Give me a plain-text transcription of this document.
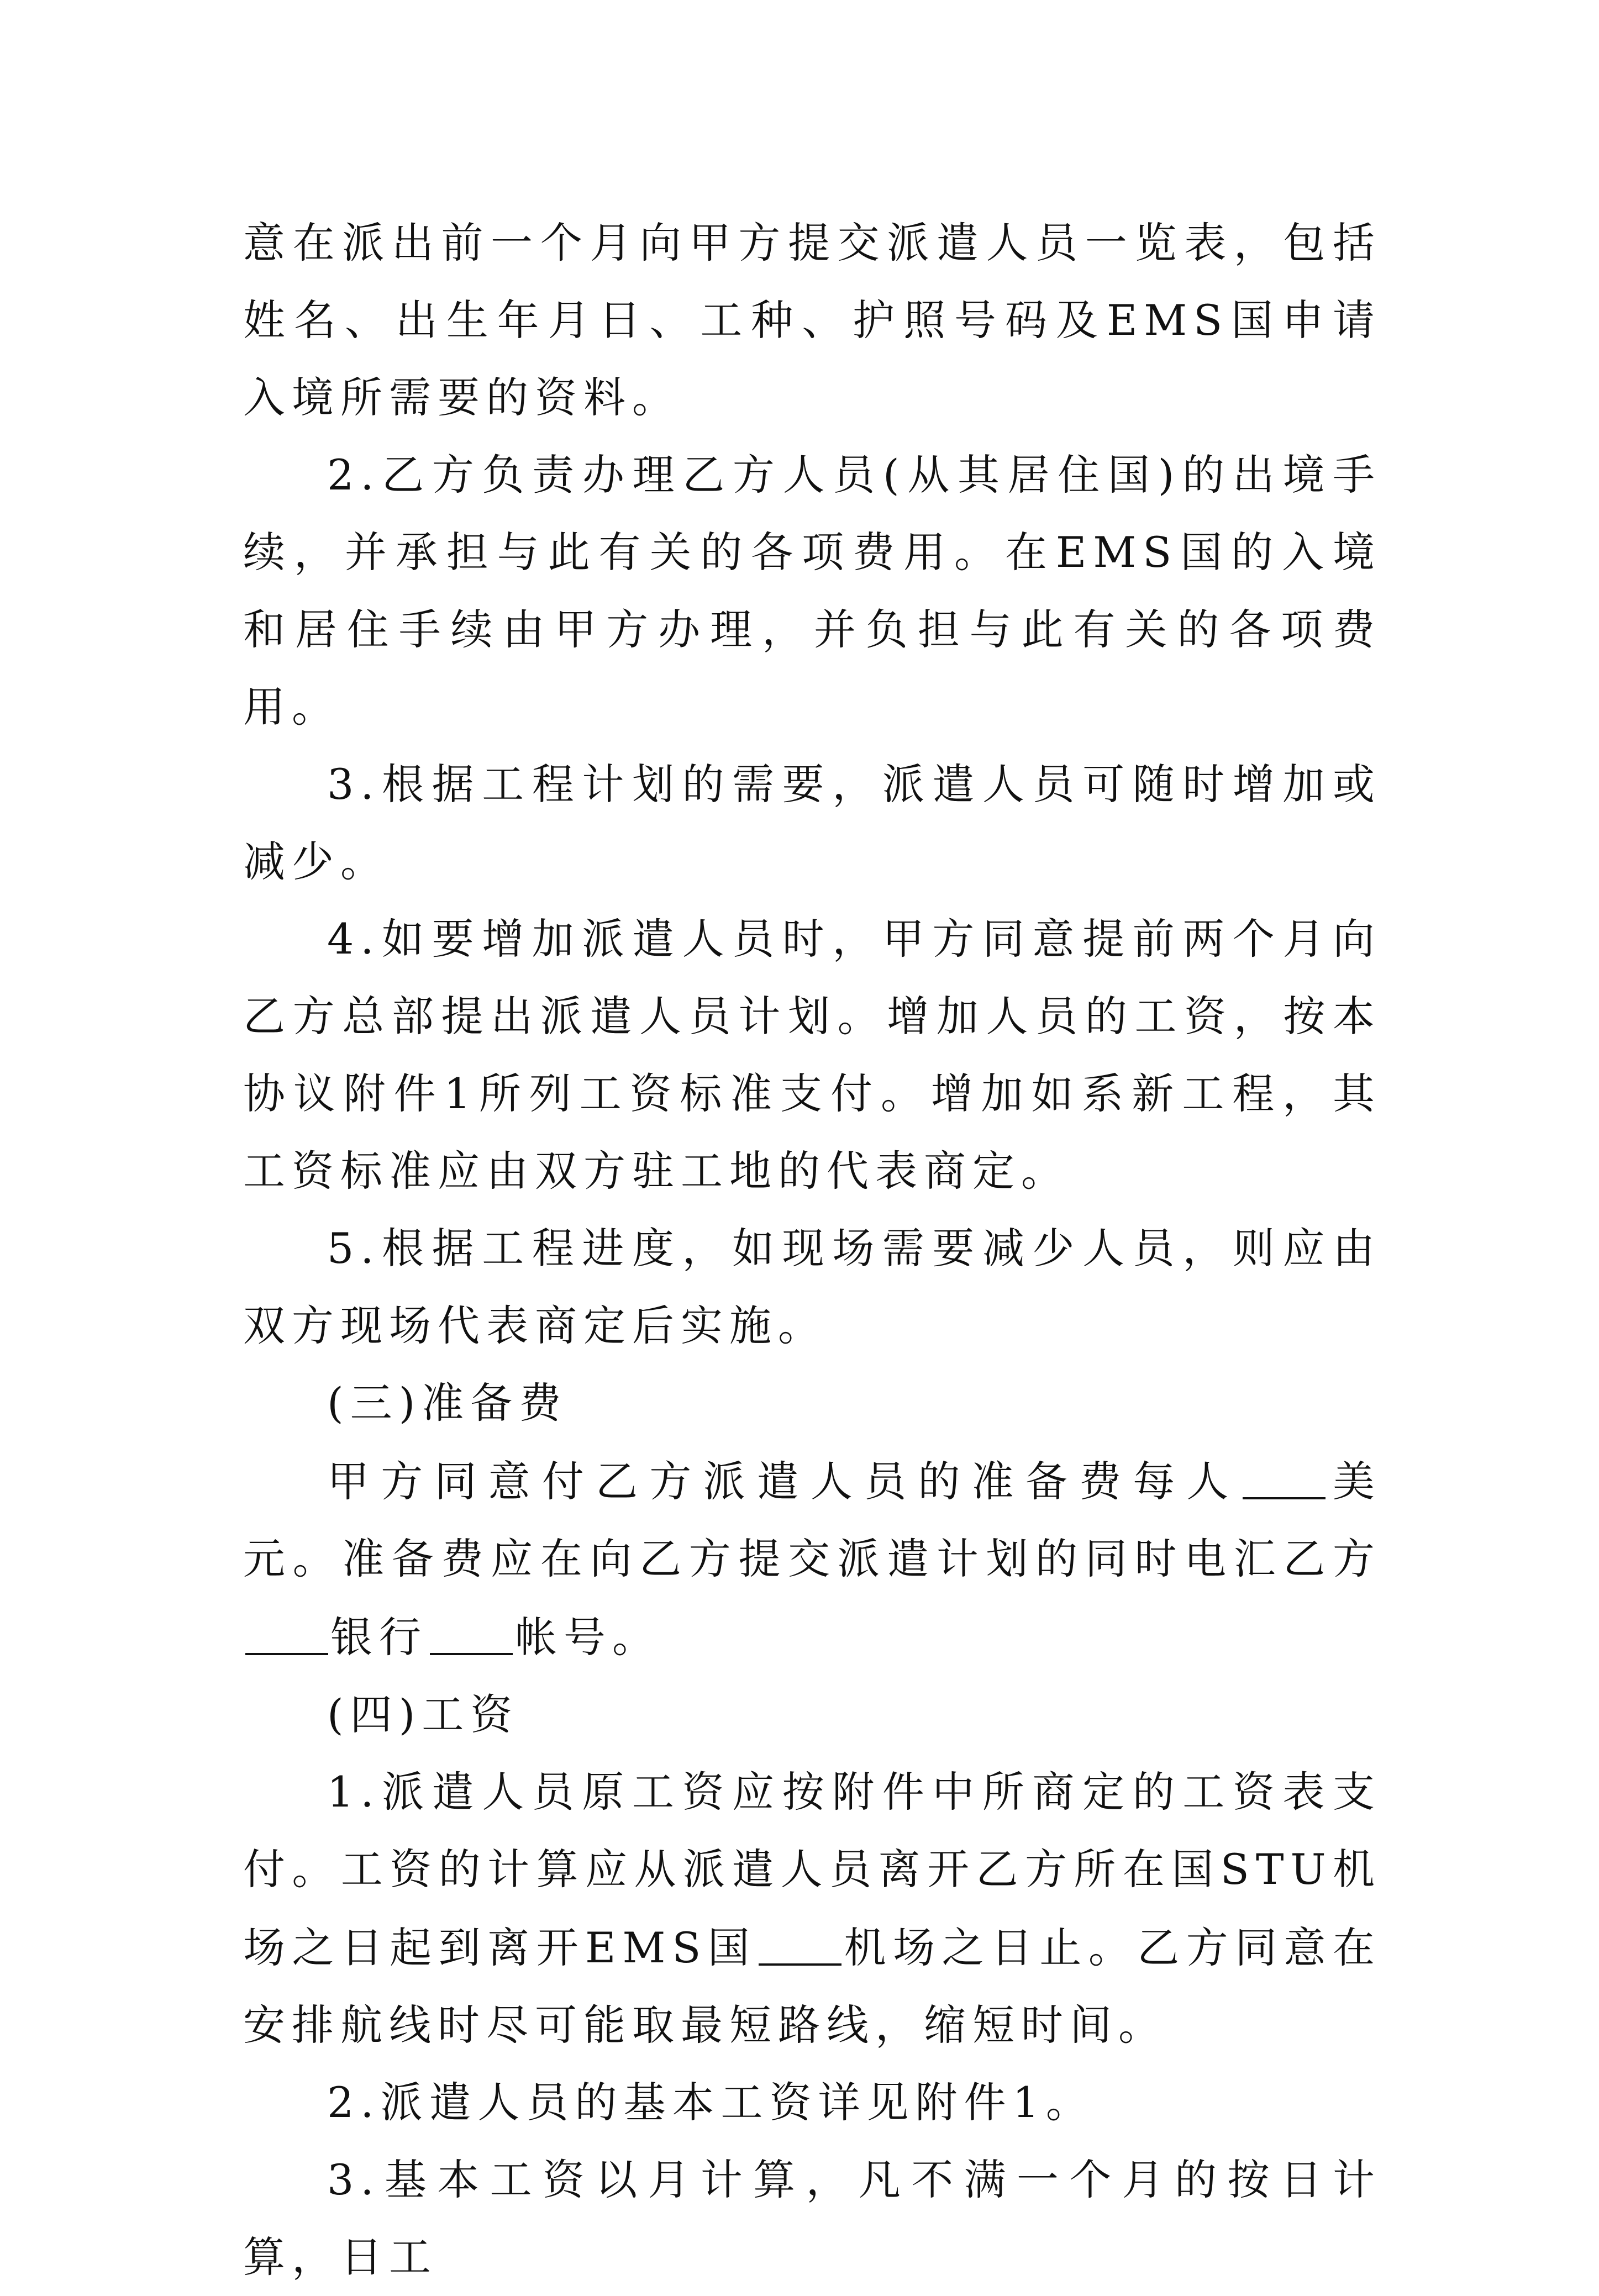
意在派出前一个月向甲方提交派遣人员一览表，包括姓名、出生年月日、工种、护照号码及EMS国申请入境所需要的资料。

2.乙方负责办理乙方人员(从其居住国)的出境手续，并承担与此有关的各项费用。在EMS国的入境和居住手续由甲方办理，并负担与此有关的各项费用。

3.根据工程计划的需要，派遣人员可随时增加或减少。

4.如要增加派遣人员时，甲方同意提前两个月向乙方总部提出派遣人员计划。增加人员的工资，按本协议附件1所列工资标准支付。增加如系新工程，其工资标准应由双方驻工地的代表商定。

5.根据工程进度，如现场需要减少人员，则应由双方现场代表商定后实施。

(三)准备费

甲方同意付乙方派遣人员的准备费每人 美元。准备费应在向乙方提交派遣计划的同时电汇乙方银行 帐号。

(四)工资

1.派遣人员原工资应按附件中所商定的工资表支付。工资的计算应从派遣人员离开乙方所在国STU机场之日起到离开EMS国 机场之日止。乙方同意在安排航线时尽可能取最短路线，缩短时间。

2.派遣人员的基本工资详见附件1。

3.基本工资以月计算，凡不满一个月的按日计算，日工
